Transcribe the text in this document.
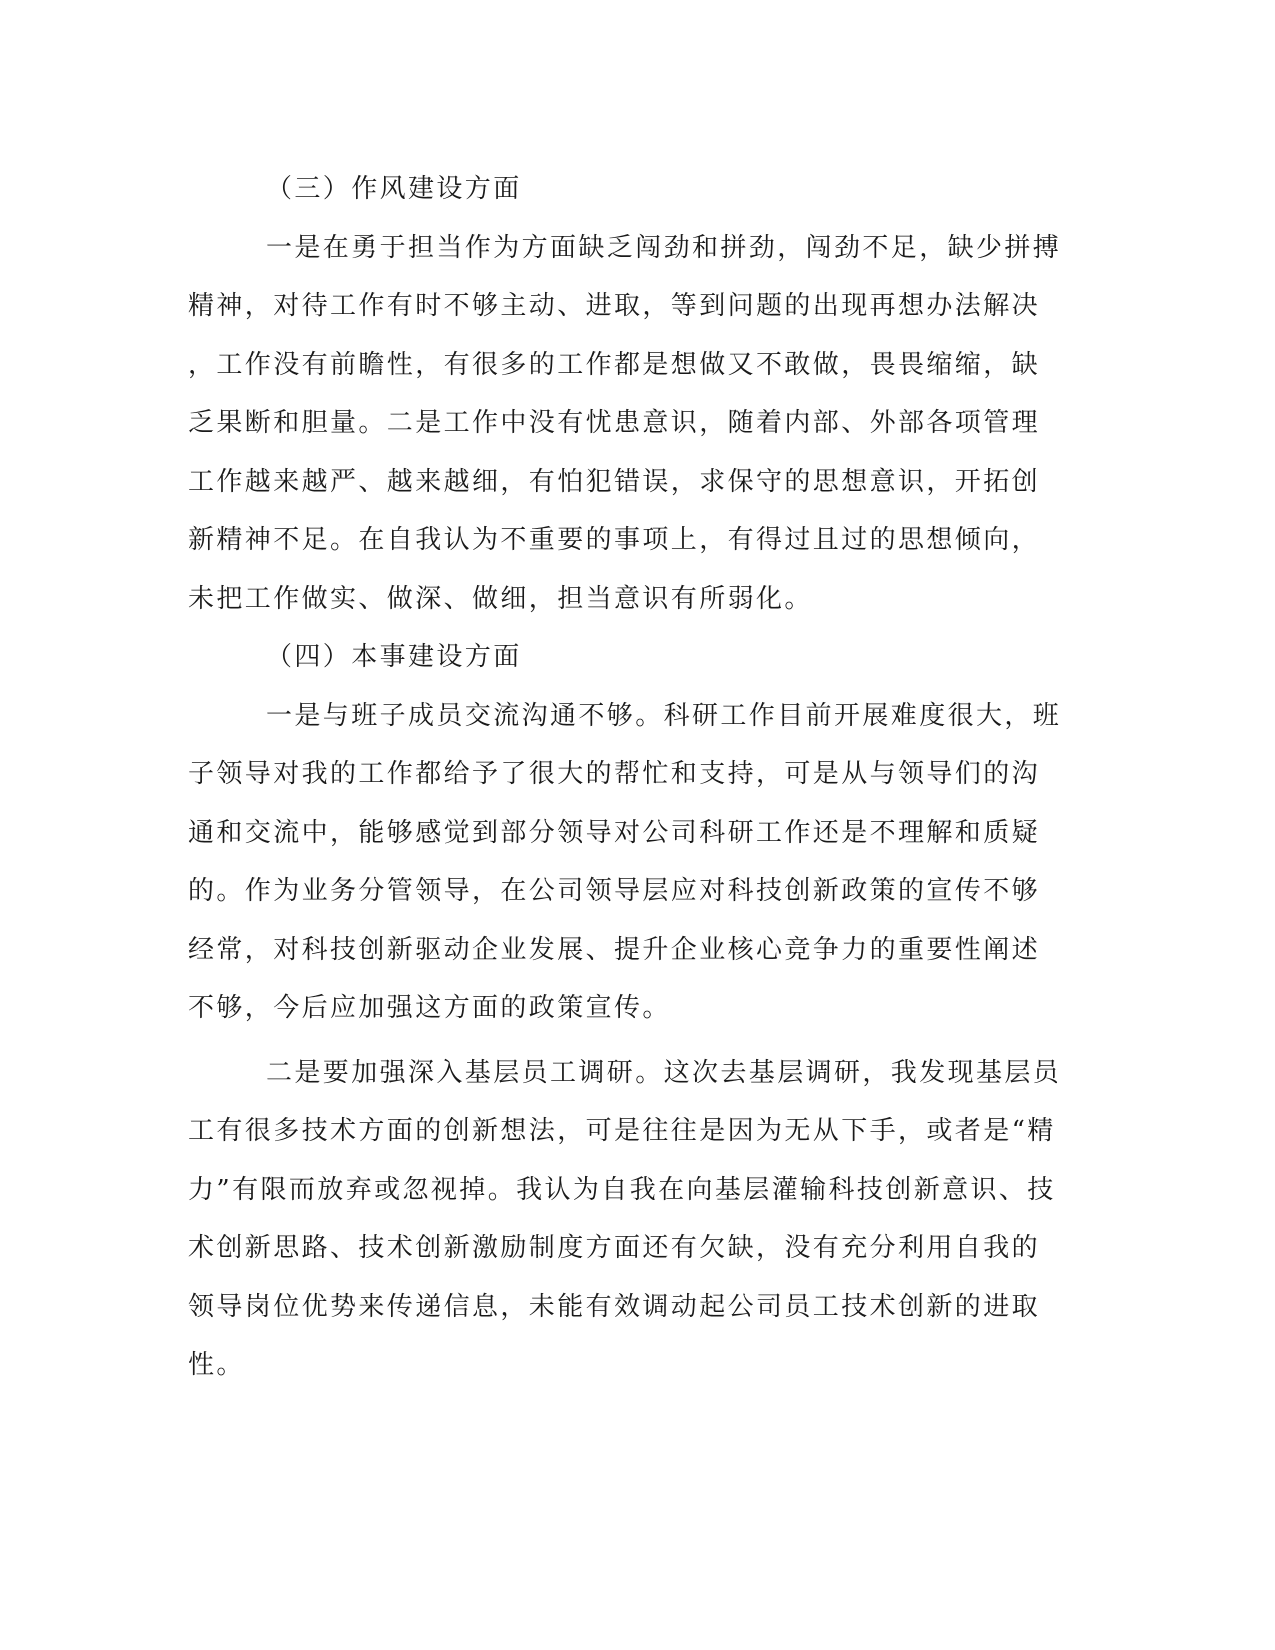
（三）作风建设方面
一是在勇于担当作为方面缺乏闯劲和拼劲，闯劲不足，缺少拼搏
精神，对待工作有时不够主动、进取，等到问题的出现再想办法解决
，工作没有前瞻性，有很多的工作都是想做又不敢做，畏畏缩缩，缺
乏果断和胆量。二是工作中没有忧患意识，随着内部、外部各项管理
工作越来越严、越来越细，有怕犯错误，求保守的思想意识，开拓创
新精神不足。在自我认为不重要的事项上，有得过且过的思想倾向，
未把工作做实、做深、做细，担当意识有所弱化。
（四）本事建设方面
一是与班子成员交流沟通不够。科研工作目前开展难度很大，班
子领导对我的工作都给予了很大的帮忙和支持，可是从与领导们的沟
通和交流中，能够感觉到部分领导对公司科研工作还是不理解和质疑
的。作为业务分管领导，在公司领导层应对科技创新政策的宣传不够
经常，对科技创新驱动企业发展、提升企业核心竞争力的重要性阐述
不够，今后应加强这方面的政策宣传。
二是要加强深入基层员工调研。这次去基层调研，我发现基层员
工有很多技术方面的创新想法，可是往往是因为无从下手，或者是“精
力”有限而放弃或忽视掉。我认为自我在向基层灌输科技创新意识、技
术创新思路、技术创新激励制度方面还有欠缺，没有充分利用自我的
领导岗位优势来传递信息，未能有效调动起公司员工技术创新的进取
性。
